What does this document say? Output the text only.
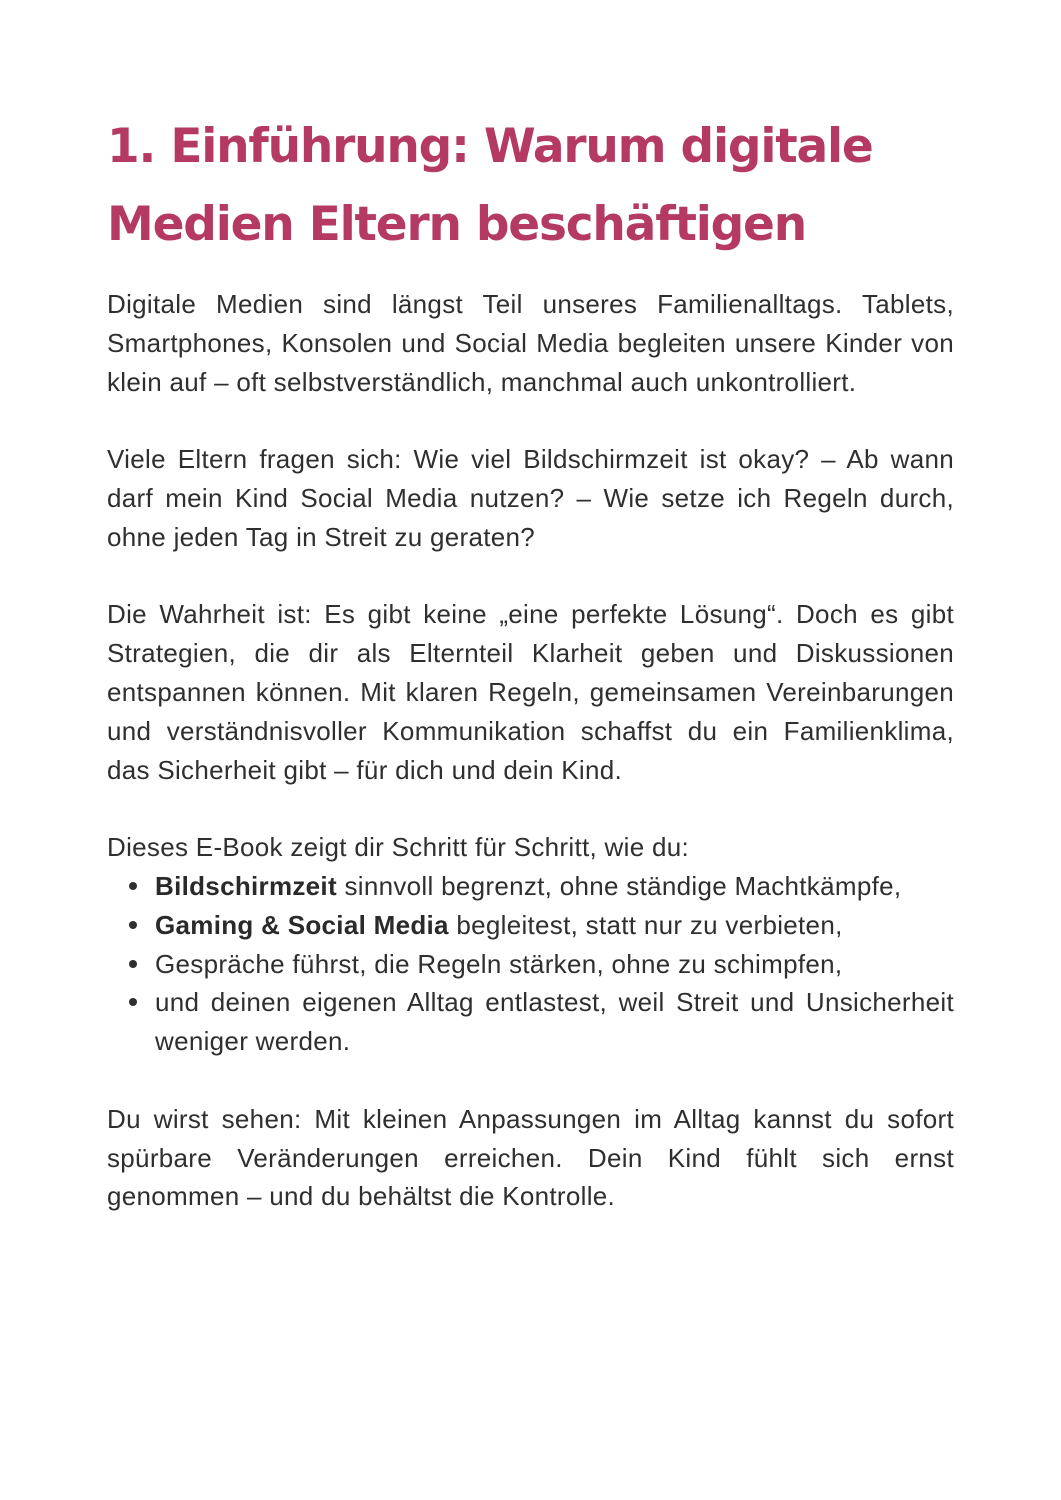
1. Einführung: Warum digitale Medien Eltern beschäftigen

Digitale Medien sind längst Teil unseres Familienalltags. Tablets, Smartphones, Konsolen und Social Media begleiten unsere Kinder von klein auf – oft selbstverständlich, manchmal auch unkontrolliert.

Viele Eltern fragen sich: Wie viel Bildschirmzeit ist okay? – Ab wann darf mein Kind Social Media nutzen? – Wie setze ich Regeln durch, ohne jeden Tag in Streit zu geraten?

Die Wahrheit ist: Es gibt keine „eine perfekte Lösung“. Doch es gibt Strategien, die dir als Elternteil Klarheit geben und Diskussionen entspannen können. Mit klaren Regeln, gemeinsamen Vereinbarungen und verständnisvoller Kommunikation schaffst du ein Familienklima, das Sicherheit gibt – für dich und dein Kind.

Dieses E-Book zeigt dir Schritt für Schritt, wie du:

Bildschirmzeit sinnvoll begrenzt, ohne ständige Machtkämpfe,
Gaming & Social Media begleitest, statt nur zu verbieten,
Gespräche führst, die Regeln stärken, ohne zu schimpfen,
und deinen eigenen Alltag entlastest, weil Streit und Unsicherheit weniger werden.

Du wirst sehen: Mit kleinen Anpassungen im Alltag kannst du sofort spürbare Veränderungen erreichen. Dein Kind fühlt sich ernst genommen – und du behältst die Kontrolle.
